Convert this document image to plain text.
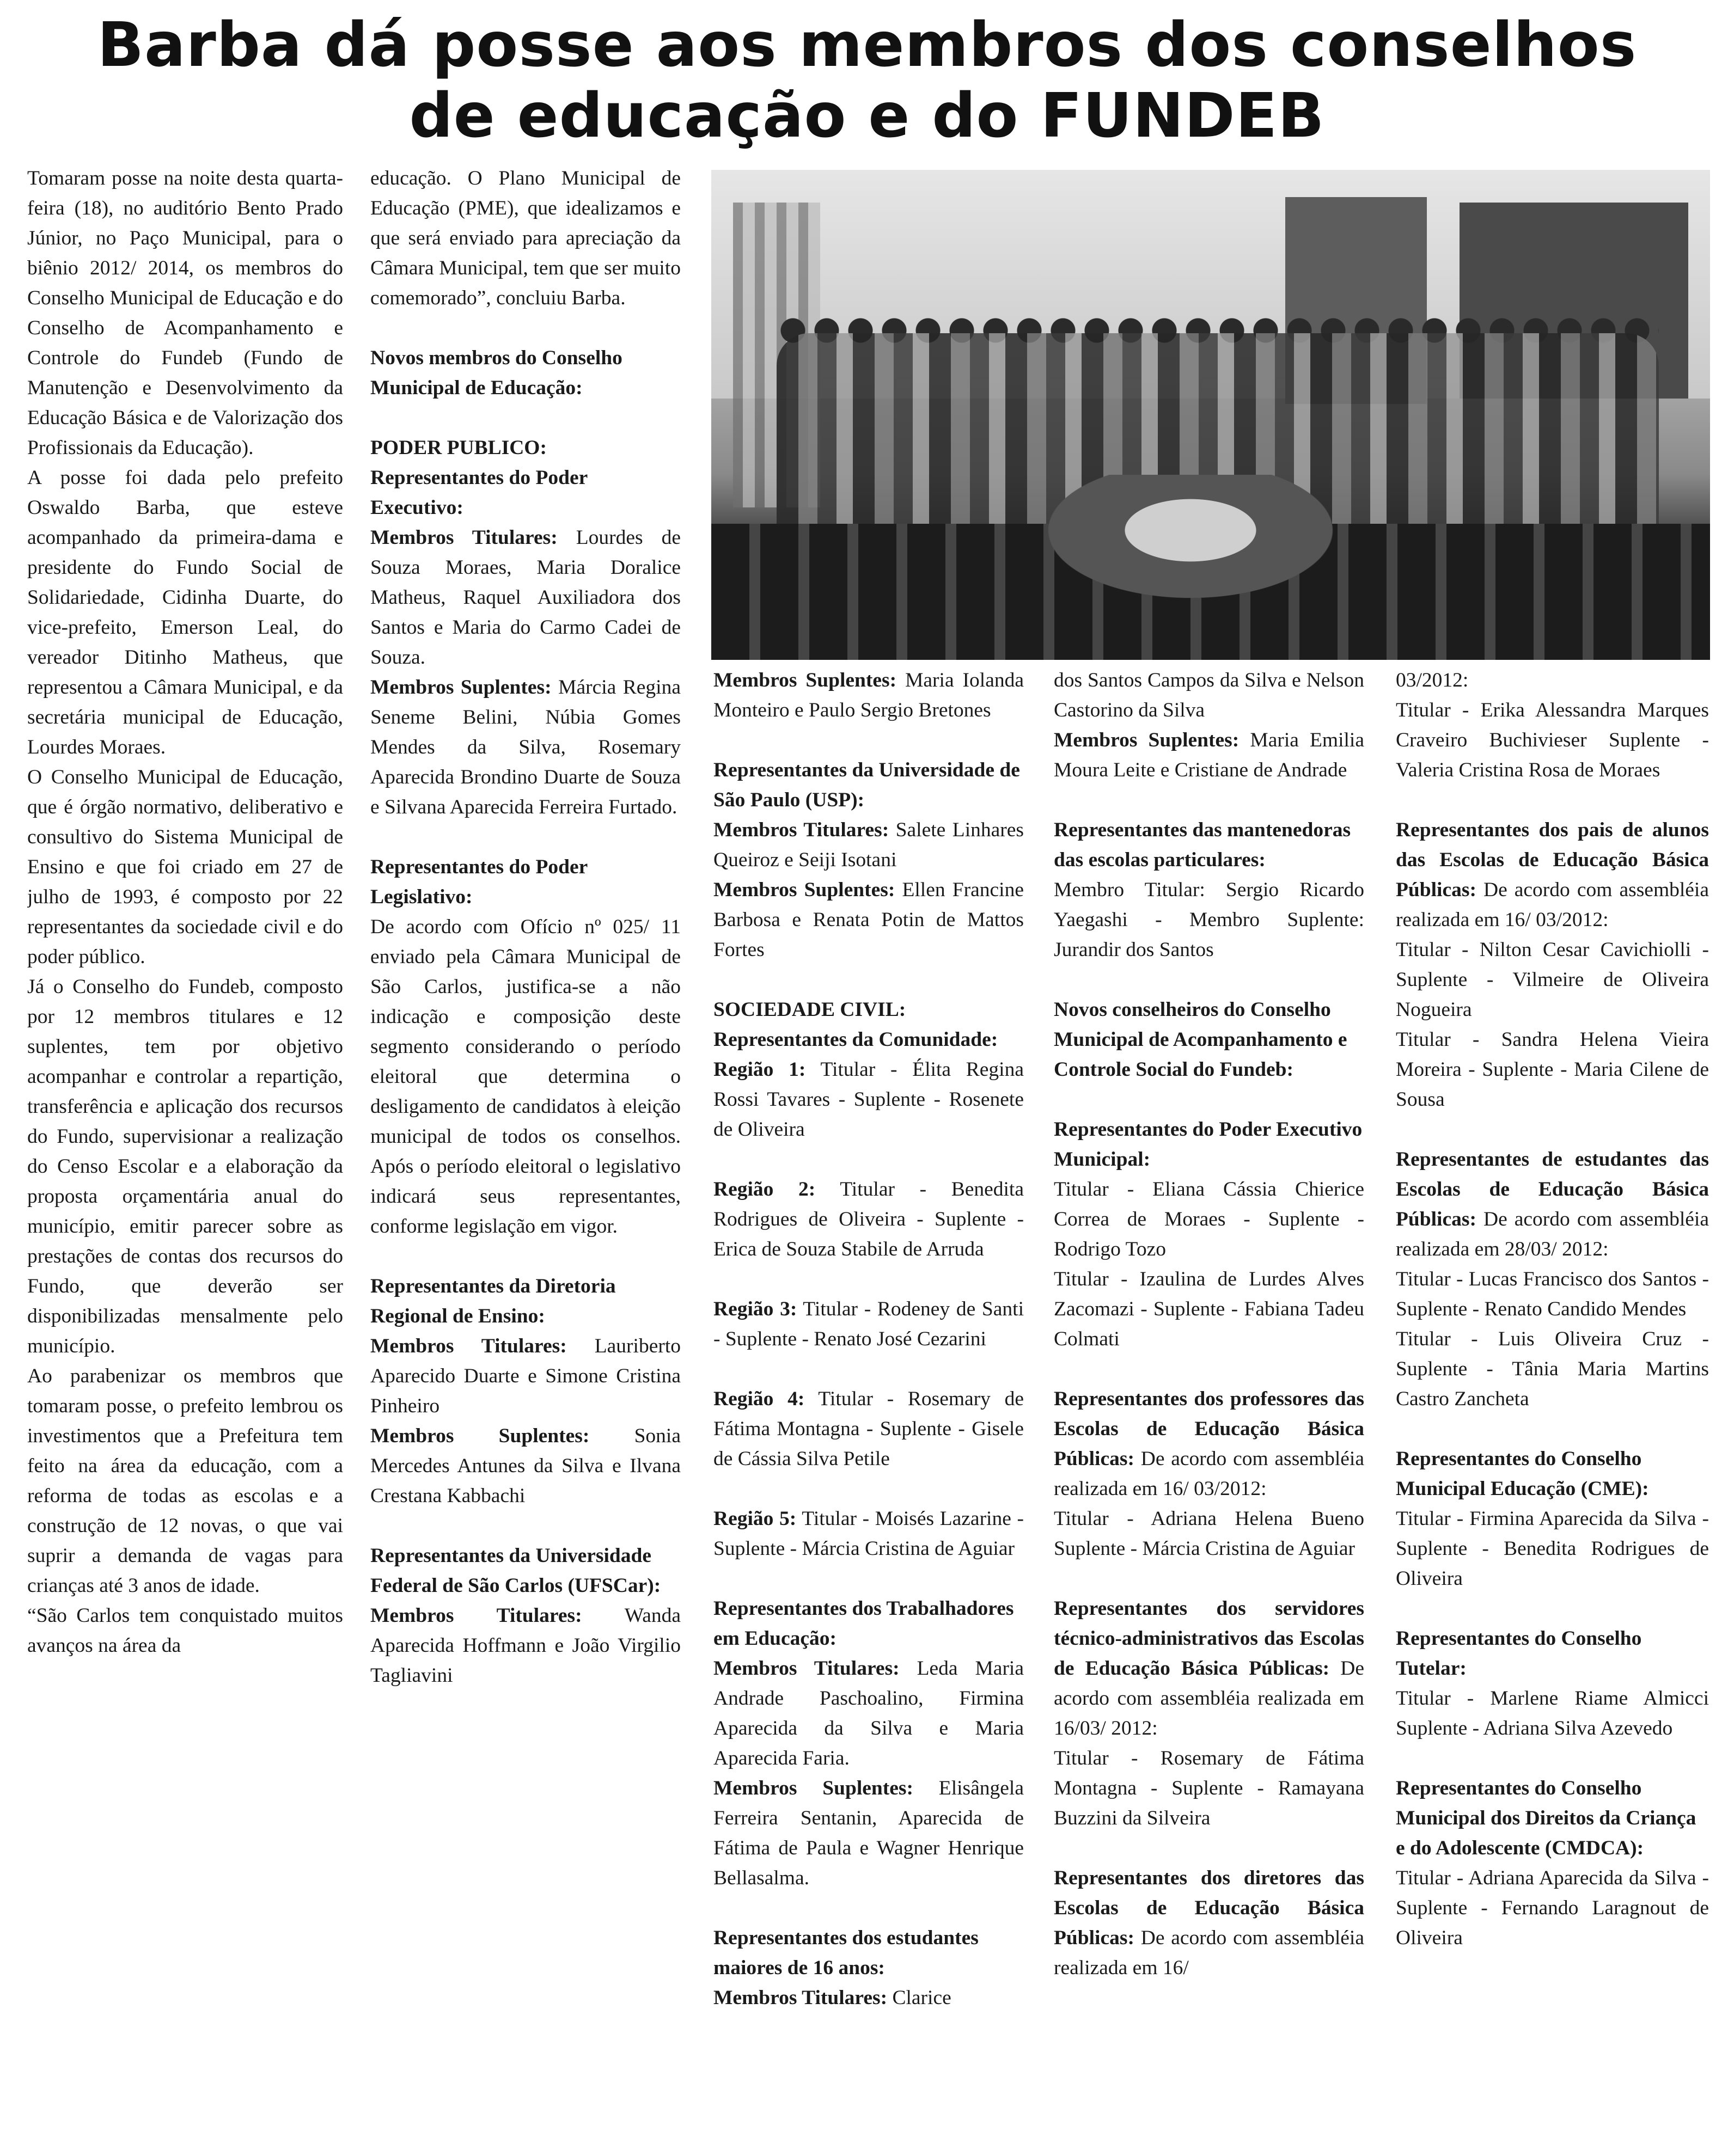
Barba dá posse aos membros dos conselhos
de educação e do FUNDEB

Tomaram posse na noite desta quarta-feira (18), no auditório Bento Prado Júnior, no Paço Municipal, para o biênio 2012/ 2014, os membros do Conselho Municipal de Educação e do Conselho de Acompanhamento e Controle do Fundeb (Fundo de Manutenção e Desenvolvimento da Educação Básica e de Valorização dos Profissionais da Educação).

A posse foi dada pelo prefeito Oswaldo Barba, que esteve acompanhado da primeira-dama e presidente do Fundo Social de Solidariedade, Cidinha Duarte, do vice-prefeito, Emerson Leal, do vereador Ditinho Matheus, que representou a Câmara Municipal, e da secretária municipal de Educação, Lourdes Moraes.

O Conselho Municipal de Educação, que é órgão normativo, deliberativo e consultivo do Sistema Municipal de Ensino e que foi criado em 27 de julho de 1993, é composto por 22 representantes da sociedade civil e do poder público.

Já o Conselho do Fundeb, composto por 12 membros titulares e 12 suplentes, tem por objetivo acompanhar e controlar a repartição, transferência e aplicação dos recursos do Fundo, supervisionar a realização do Censo Escolar e a elaboração da proposta orçamentária anual do município, emitir parecer sobre as prestações de contas dos recursos do Fundo, que deverão ser disponibilizadas mensalmente pelo município.

Ao parabenizar os membros que tomaram posse, o prefeito lembrou os investimentos que a Prefeitura tem feito na área da educação, com a reforma de todas as escolas e a construção de 12 novas, o que vai suprir a demanda de vagas para crianças até 3 anos de idade.

“São Carlos tem conquistado muitos avanços na área da

educação. O Plano Municipal de Educação (PME), que idealizamos e que será enviado para apreciação da Câmara Municipal, tem que ser muito comemorado”, concluiu Barba.

Novos membros do Conselho Municipal de Educação:

PODER PUBLICO:

Representantes do Poder Executivo:

Membros Titulares: Lourdes de Souza Moraes, Maria Doralice Matheus, Raquel Auxiliadora dos Santos e Maria do Carmo Cadei de Souza.

Membros Suplentes: Márcia Regina Seneme Belini, Núbia Gomes Mendes da Silva, Rosemary Aparecida Brondino Duarte de Souza e Silvana Aparecida Ferreira Furtado.

Representantes do Poder Legislativo:

De acordo com Ofício nº 025/ 11 enviado pela Câmara Municipal de São Carlos, justifica-se a não indicação e composição deste segmento considerando o período eleitoral que determina o desligamento de candidatos à eleição municipal de todos os conselhos. Após o período eleitoral o legislativo indicará seus representantes, conforme legislação em vigor.

Representantes da Diretoria Regional de Ensino:

Membros Titulares: Lauriberto Aparecido Duarte e Simone Cristina Pinheiro

Membros Suplentes: Sonia Mercedes Antunes da Silva e Ilvana Crestana Kabbachi

Representantes da Universidade Federal de São Carlos (UFSCar):

Membros Titulares: Wanda Aparecida Hoffmann e João Virgilio Tagliavini

Membros Suplentes: Maria Iolanda Monteiro e Paulo Sergio Bretones

Representantes da Universidade de São Paulo (USP):

Membros Titulares: Salete Linhares Queiroz e Seiji Isotani

Membros Suplentes: Ellen Francine Barbosa e Renata Potin de Mattos Fortes

SOCIEDADE CIVIL:

Representantes da Comunidade:

Região 1: Titular - Élita Regina Rossi Tavares - Suplente - Rosenete de Oliveira

Região 2: Titular - Benedita Rodrigues de Oliveira - Suplente - Erica de Souza Stabile de Arruda

Região 3: Titular - Rodeney de Santi - Suplente - Renato José Cezarini

Região 4: Titular - Rosemary de Fátima Montagna - Suplente - Gisele de Cássia Silva Petile

Região 5: Titular - Moisés Lazarine - Suplente - Márcia Cristina de Aguiar

Representantes dos Trabalhadores em Educação:

Membros Titulares: Leda Maria Andrade Paschoalino, Firmina Aparecida da Silva e Maria Aparecida Faria.

Membros Suplentes: Elisângela Ferreira Sentanin, Aparecida de Fátima de Paula e Wagner Henrique Bellasalma.

Representantes dos estudantes maiores de 16 anos:

Membros Titulares: Clarice

dos Santos Campos da Silva e Nelson Castorino da Silva

Membros Suplentes: Maria Emilia Moura Leite e Cristiane de Andrade

Representantes das mantenedoras das escolas particulares:

Membro Titular: Sergio Ricardo Yaegashi - Membro Suplente: Jurandir dos Santos

Novos conselheiros do Conselho Municipal de Acompanhamento e Controle Social do Fundeb:

Representantes do Poder Executivo Municipal:

Titular - Eliana Cássia Chierice Correa de Moraes - Suplente - Rodrigo Tozo

Titular - Izaulina de Lurdes Alves Zacomazi - Suplente - Fabiana Tadeu Colmati

Representantes dos professores das Escolas de Educação Básica Públicas: De acordo com assembléia realizada em 16/ 03/2012:

Titular - Adriana Helena Bueno Suplente - Márcia Cristina de Aguiar

Representantes dos servidores técnico-administrativos das Escolas de Educação Básica Públicas: De acordo com assembléia realizada em 16/03/ 2012:

Titular - Rosemary de Fátima Montagna - Suplente - Ramayana Buzzini da Silveira

Representantes dos diretores das Escolas de Educação Básica Públicas: De acordo com assembléia realizada em 16/

03/2012:

Titular - Erika Alessandra Marques Craveiro Buchivieser Suplente - Valeria Cristina Rosa de Moraes

Representantes dos pais de alunos das Escolas de Educação Básica Públicas: De acordo com assembléia realizada em 16/ 03/2012:

Titular - Nilton Cesar Cavichiolli - Suplente - Vilmeire de Oliveira Nogueira

Titular - Sandra Helena Vieira Moreira - Suplente - Maria Cilene de Sousa

Representantes de estudantes das Escolas de Educação Básica Públicas: De acordo com assembléia realizada em 28/03/ 2012:

Titular - Lucas Francisco dos Santos - Suplente - Renato Candido Mendes

Titular - Luis Oliveira Cruz - Suplente - Tânia Maria Martins Castro Zancheta

Representantes do Conselho Municipal Educação (CME):

Titular - Firmina Aparecida da Silva - Suplente - Benedita Rodrigues de Oliveira

Representantes do Conselho Tutelar:

Titular - Marlene Riame Almicci Suplente - Adriana Silva Azevedo

Representantes do Conselho Municipal dos Direitos da Criança e do Adolescente (CMDCA):

Titular - Adriana Aparecida da Silva - Suplente - Fernando Laragnout de Oliveira
